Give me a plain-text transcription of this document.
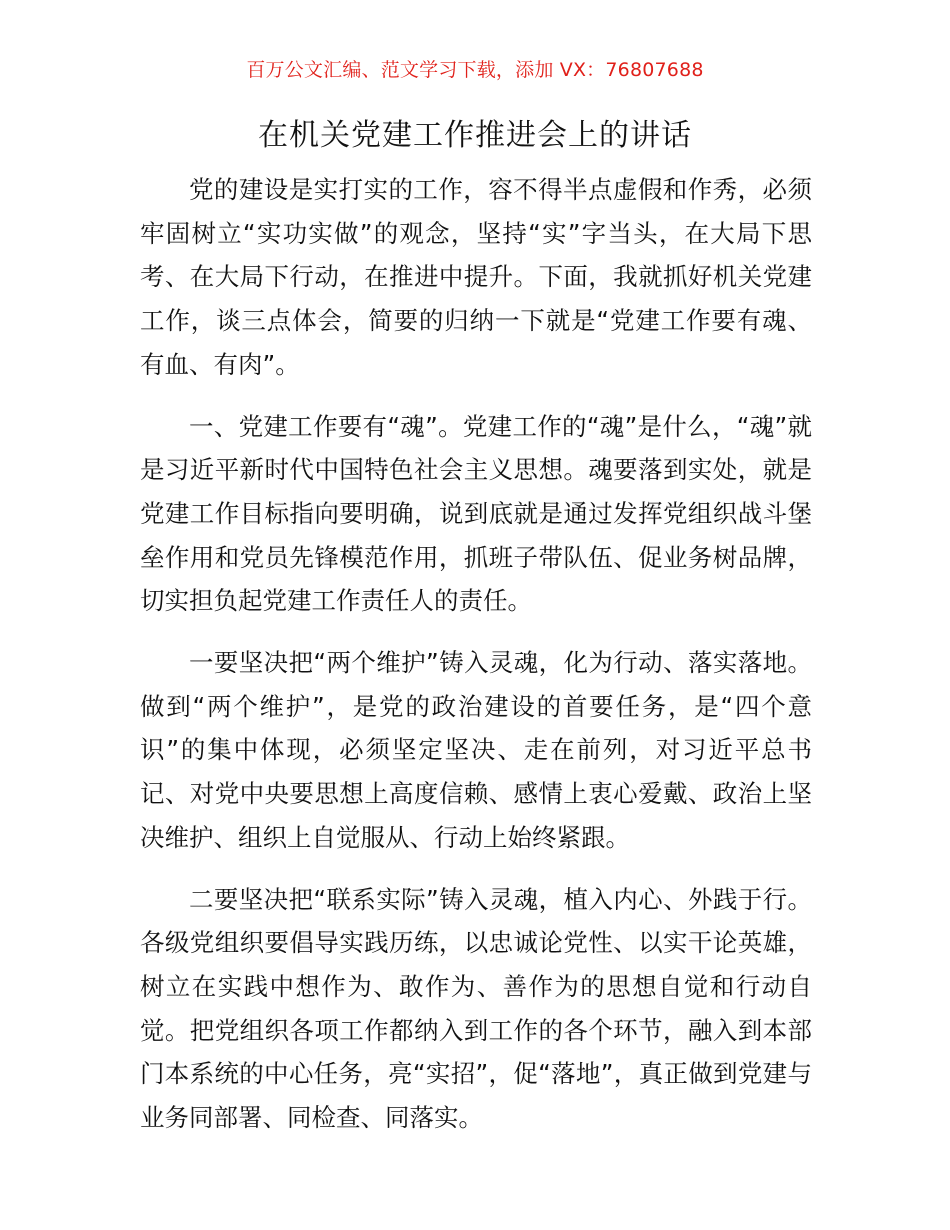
百万公文汇编、范文学习下载，添加 VX：76807688
在机关党建工作推进会上的讲话

党的建设是实打实的工作，容不得半点虚假和作秀，必须牢固树立“实功实做”的观念，坚持“实”字当头，在大局下思考、在大局下行动，在推进中提升。下面，我就抓好机关党建工作，谈三点体会，简要的归纳一下就是“党建工作要有魂、有血、有肉”。

一、党建工作要有“魂”。党建工作的“魂”是什么，“魂”就是习近平新时代中国特色社会主义思想。魂要落到实处，就是党建工作目标指向要明确，说到底就是通过发挥党组织战斗堡垒作用和党员先锋模范作用，抓班子带队伍、促业务树品牌，切实担负起党建工作责任人的责任。

一要坚决把“两个维护”铸入灵魂，化为行动、落实落地。做到“两个维护”，是党的政治建设的首要任务，是“四个意识”的集中体现，必须坚定坚决、走在前列，对习近平总书记、对党中央要思想上高度信赖、感情上衷心爱戴、政治上坚决维护、组织上自觉服从、行动上始终紧跟。

二要坚决把“联系实际”铸入灵魂，植入内心、外践于行。各级党组织要倡导实践历练，以忠诚论党性、以实干论英雄，树立在实践中想作为、敢作为、善作为的思想自觉和行动自觉。把党组织各项工作都纳入到工作的各个环节，融入到本部门本系统的中心任务，亮“实招”，促“落地”，真正做到党建与业务同部署、同检查、同落实。
